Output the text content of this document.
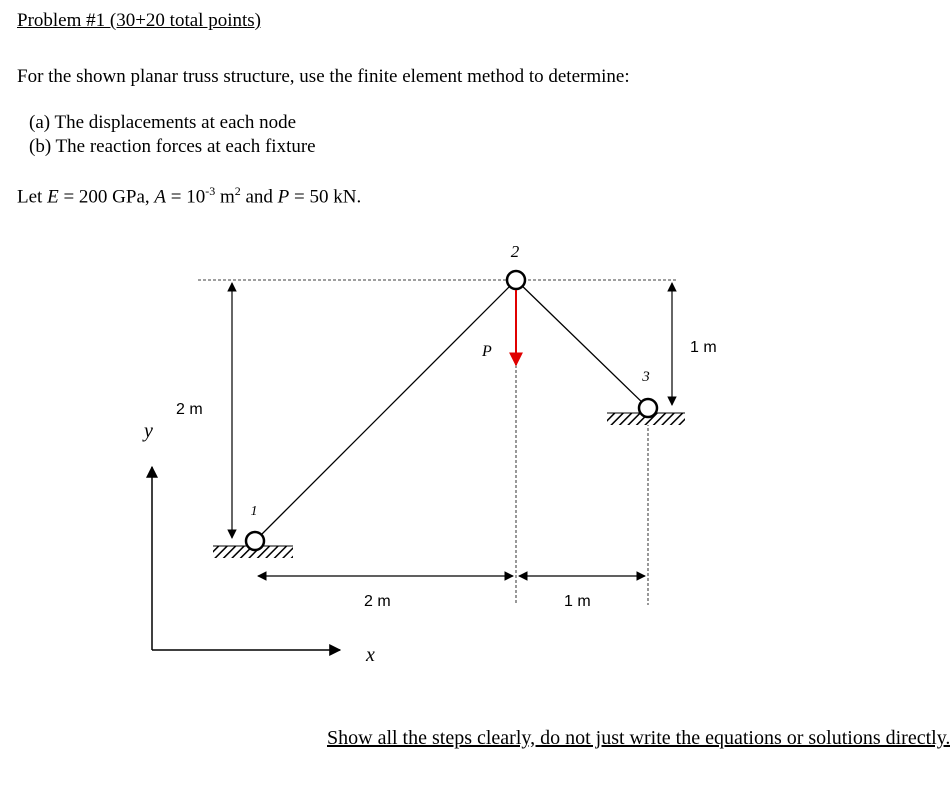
Problem #1 (30+20 total points)
For the shown planar truss structure, use the finite element method to determine:
(a) The displacements at each node
(b) The reaction forces at each fixture
Let E = 200 GPa, $A = 10^{-3}$ $m^2$ and P = 50 kN.
1
2
3
P
2 m
1 m
2 m	1 m
y
x
Show all the steps clearly, do not just write the equations or solutions directly.
